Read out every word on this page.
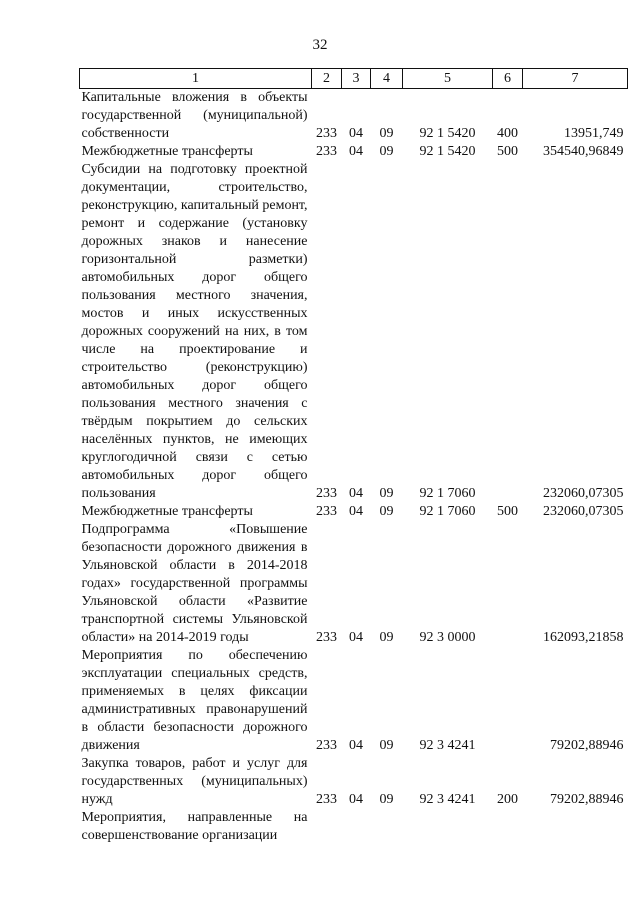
32
1	2	3	4	5	6	7
Капитальные вложения в объекты государственной (муниципальной) собственности	233	04	09	92 1 5420	400	13951,749
Межбюджетные трансферты	233	04	09	92 1 5420	500	354540,96849
Субсидии на подготовку проектной документации, строительство, реконструкцию, капитальный ремонт, ремонт и содержание (установку дорожных знаков и нанесение горизонтальной разметки) автомобильных дорог общего пользования местного значения, мостов и иных искусственных дорожных сооружений на них, в том числе на проектирование и строительство (реконструкцию) автомобильных дорог общего пользования местного значения с твёрдым покрытием до сельских населённых пунктов, не имеющих круглогодичной связи с сетью автомобильных дорог общего пользования	233	04	09	92 1 7060		232060,07305
Межбюджетные трансферты	233	04	09	92 1 7060	500	232060,07305
Подпрограмма «Повышение безопасности дорожного движения в Ульяновской области в 2014-2018 годах» государственной программы Ульяновской области «Развитие транспортной системы Ульяновской области» на 2014-2019 годы	233	04	09	92 3 0000		162093,21858
Мероприятия по обеспечению эксплуатации специальных средств, применяемых в целях фиксации административных правонарушений в области безопасности дорожного движения	233	04	09	92 3 4241		79202,88946
Закупка товаров, работ и услуг для государственных (муниципальных) нужд	233	04	09	92 3 4241	200	79202,88946
Мероприятия, направленные на совершенствование организации						
